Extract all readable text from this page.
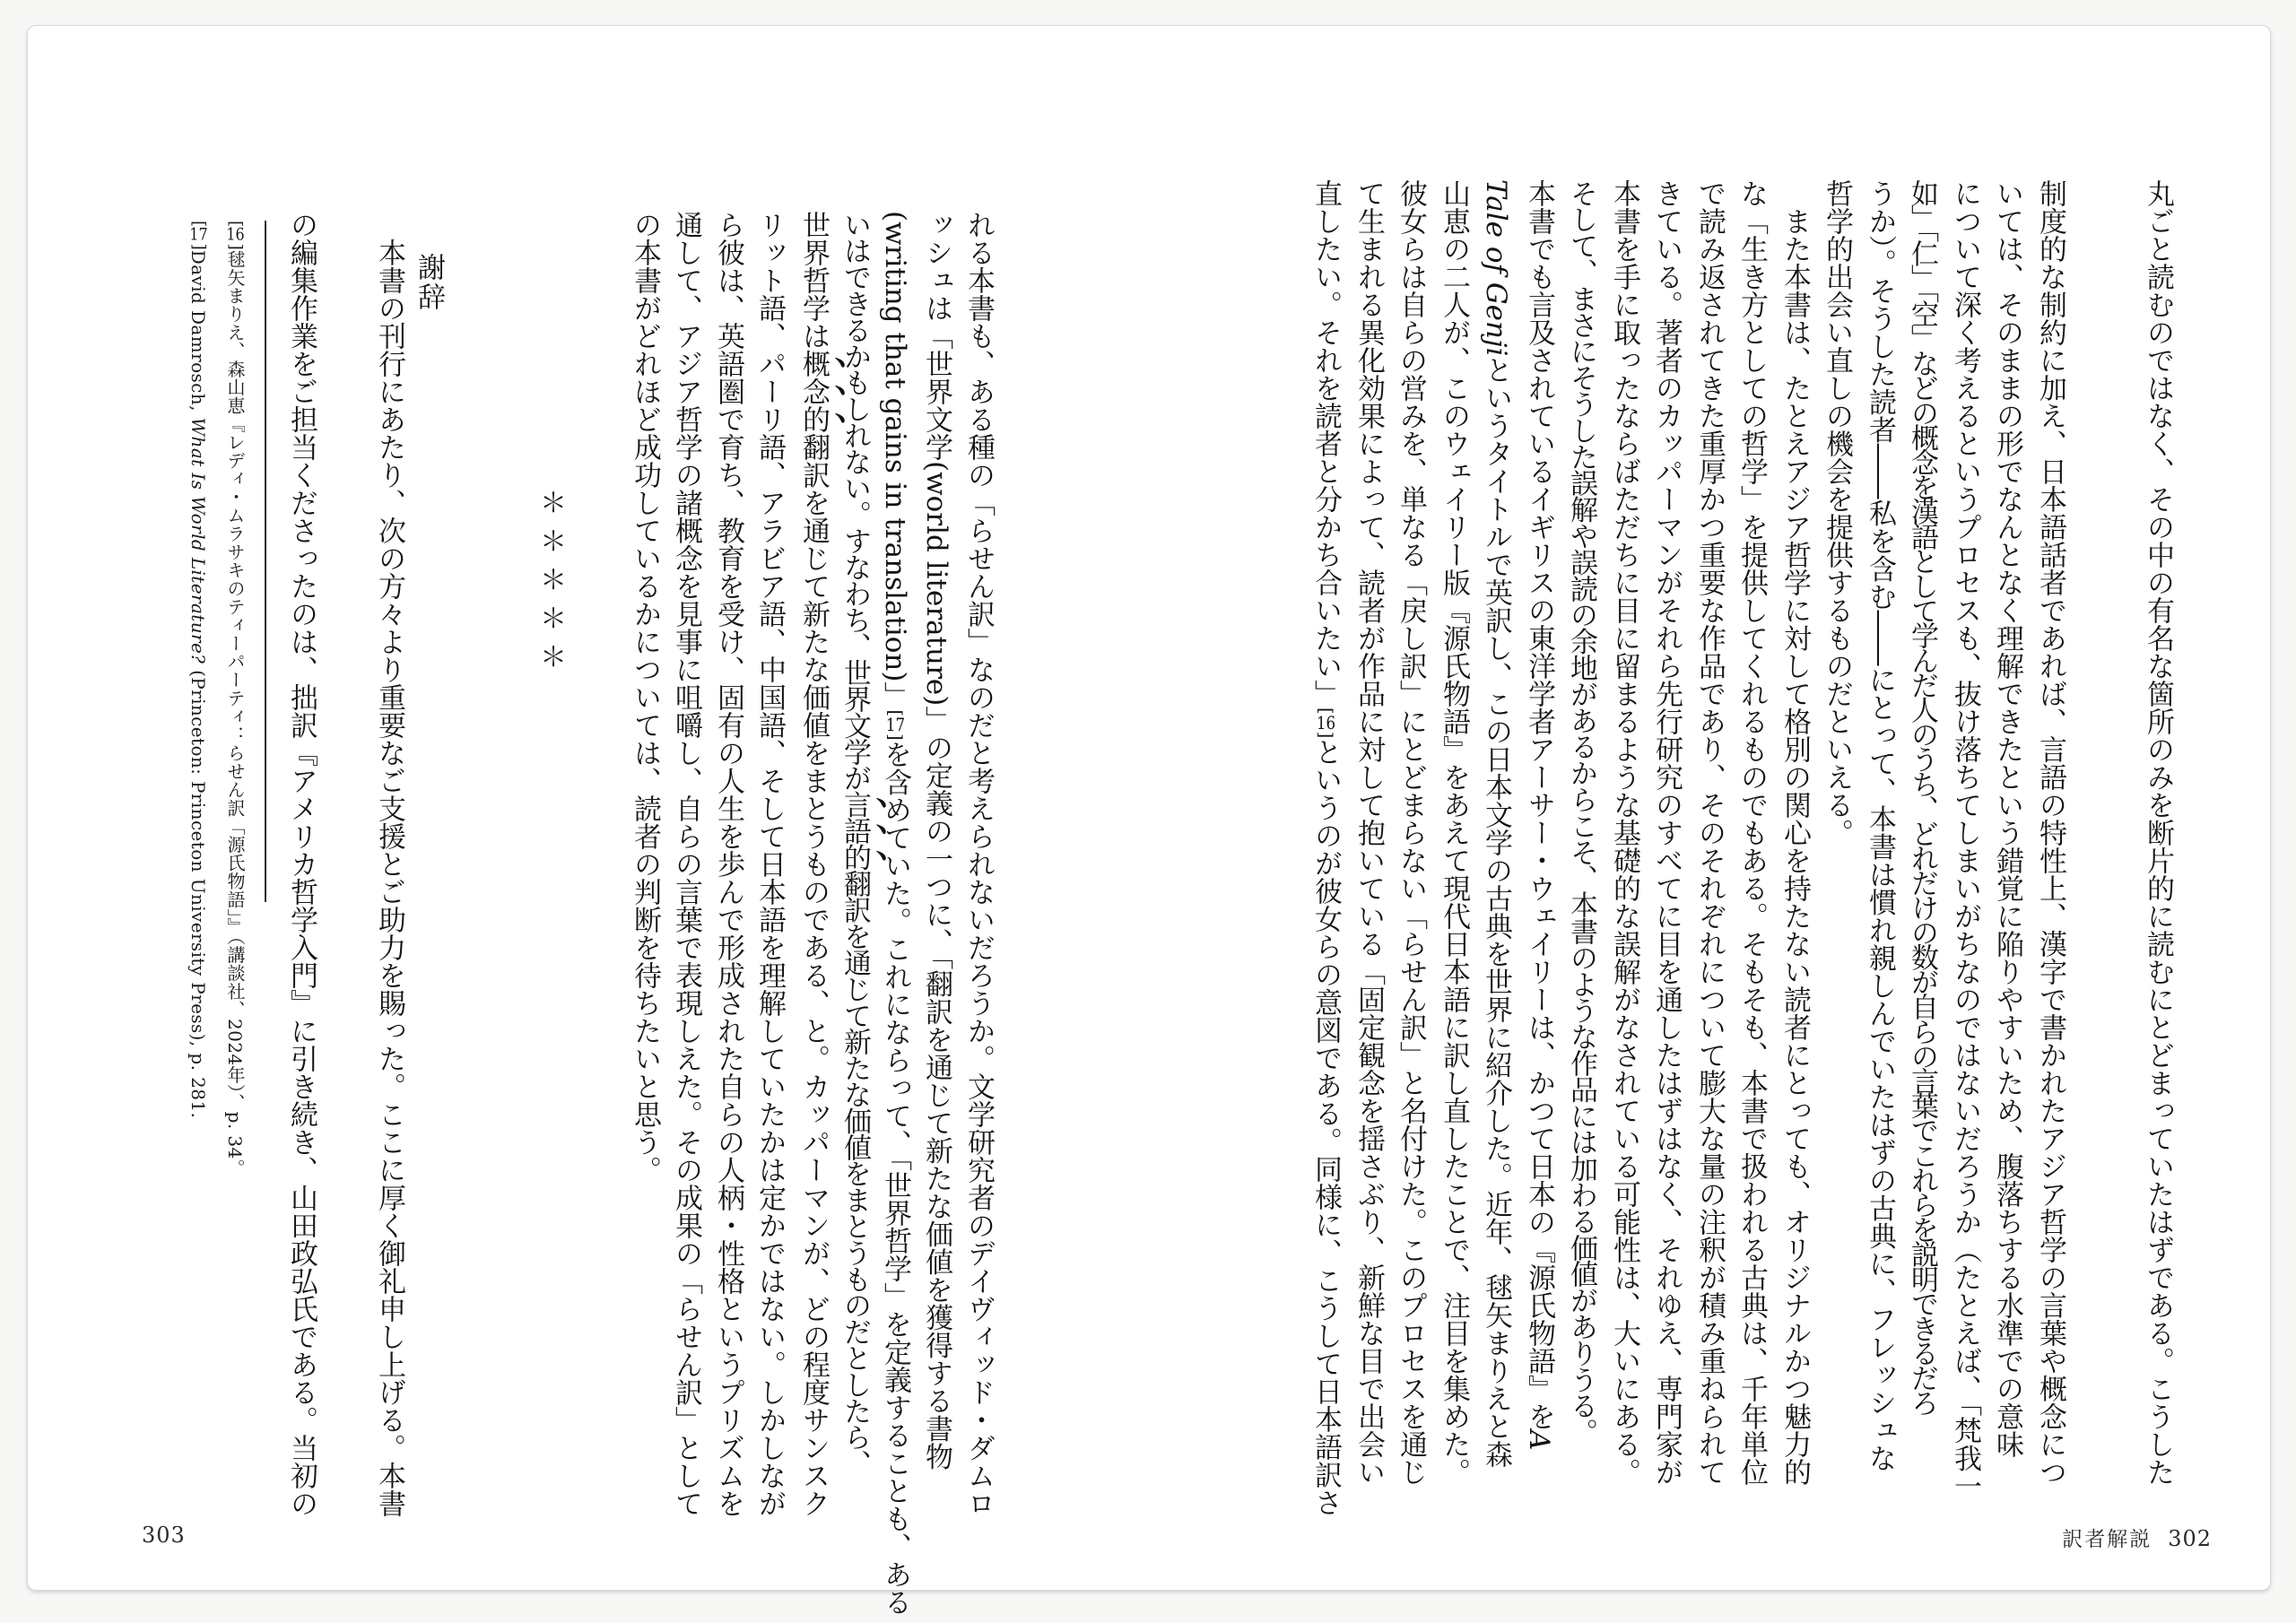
丸ごと読むのではなく、その中の有名な箇所のみを断片的に読むにとどまっていたはずである。こうした

制度的な制約に加え、日本語話者であれば、言語の特性上、漢字で書かれたアジア哲学の言葉や概念につ

いては、そのままの形でなんとなく理解できたという錯覚に陥りやすいため、腹落ちする水準での意味

について深く考えるというプロセスも、抜け落ちてしまいがちなのではないだろうか（たとえば、「梵我一

如」「仁」「空」などの概念を漢語として学んだ人のうち、どれだけの数が自らの言葉でこれらを説明できるだろ

うか）。そうした読者――私を含む――にとって、本書は慣れ親しんでいたはずの古典に、フレッシュな

哲学的出会い直しの機会を提供するものだといえる。

また本書は、たとえアジア哲学に対して格別の関心を持たない読者にとっても、オリジナルかつ魅力的

な「生き方としての哲学」を提供してくれるものでもある。そもそも、本書で扱われる古典は、千年単位

で読み返されてきた重厚かつ重要な作品であり、そのそれぞれについて膨大な量の注釈が積み重ねられて

きている。著者のカッパーマンがそれら先行研究のすべてに目を通したはずはなく、それゆえ、専門家が

本書を手に取ったならばただちに目に留まるような基礎的な誤解がなされている可能性は、大いにある。

そして、まさにそうした誤解や誤読の余地があるからこそ、本書のような作品には加わる価値がありうる。

本書でも言及されているイギリスの東洋学者アーサー・ウェイリーは、かつて日本の『源氏物語』をA

Tale of Genjiというタイトルで英訳し、この日本文学の古典を世界に紹介した。近年、毬矢まりえと森

山恵の二人が、このウェイリー版『源氏物語』をあえて現代日本語に訳し直したことで、注目を集めた。

彼女らは自らの営みを、単なる「戻し訳」にとどまらない「らせん訳」と名付けた。このプロセスを通じ

て生まれる異化効果によって、読者が作品に対して抱いている「固定観念を揺さぶり、新鮮な目で出会い

直したい。それを読者と分かち合いたい」[16]というのが彼女らの意図である。同様に、こうして日本語訳さ

れる本書も、ある種の「らせん訳」なのだと考えられないだろうか。文学研究者のデイヴィッド・ダムロ

ッシュは「世界文学(world literature)」の定義の一つに、「翻訳を通じて新たな価値を獲得する書物

(writing that gains in translation)」[17]を含めていた。これにならって、「世界哲学」を定義することも、ある

いはできるかもしれない。すなわち、世界文学が言語的翻訳を通じて新たな価値をまとうものだとしたら、

世界哲学は概念的翻訳を通じて新たな価値をまとうものである、と。カッパーマンが、どの程度サンスク

リット語、パーリ語、アラビア語、中国語、そして日本語を理解していたかは定かではない。しかしなが

ら彼は、英語圏で育ち、教育を受け、固有の人生を歩んで形成された自らの人柄・性格というプリズムを

通して、アジア哲学の諸概念を見事に咀嚼し、自らの言葉で表現しえた。その成果の「らせん訳」として

の本書がどれほど成功しているかについては、読者の判断を待ちたいと思う。

＊＊＊＊＊

謝辞

本書の刊行にあたり、次の方々より重要なご支援とご助力を賜った。ここに厚く御礼申し上げる。本書

の編集作業をご担当くださったのは、拙訳『アメリカ哲学入門』に引き続き、山田政弘氏である。当初の

[16]毬矢まりえ、森山恵『レディ・ムラサキのティーパーティ：らせん訳「源氏物語」』（講談社、2024年）、p. 34。

[17]David Damrosch, What Is World Literature? (Princeton: Princeton University Press), p. 281.

303	訳者解説 302
